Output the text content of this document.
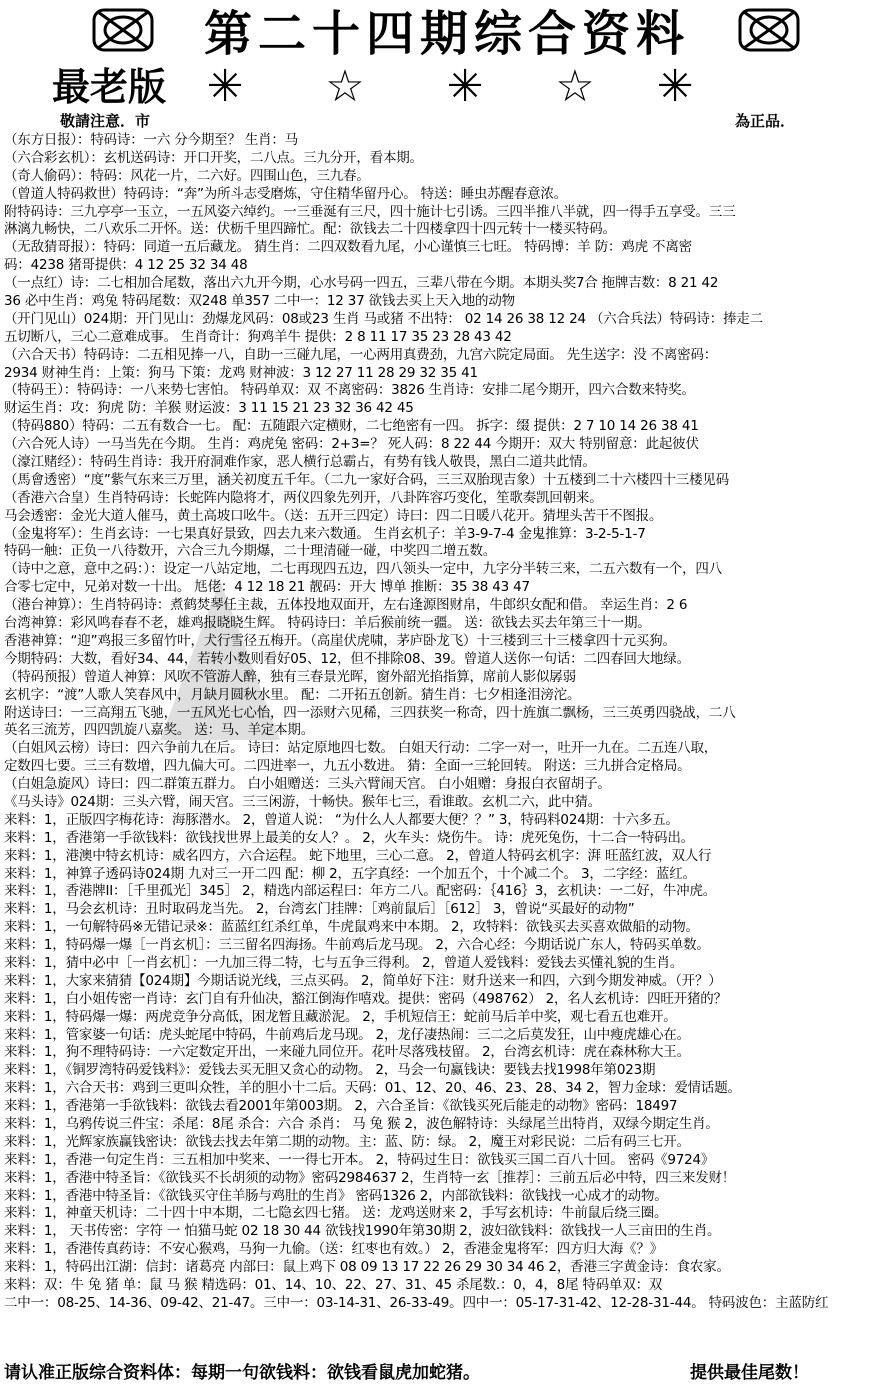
第二十四期综合资料
最老版 ✳ ☆ ✳ ☆ ✳
敬請注意．市	為正品．
（东方日报）：特码诗：一六 分今期至？ 生肖：马
（六合彩玄机）：玄机送码诗：开口开奖，二八点。三九分开，看本期。
（奇人偷码）：特码：风花一片，二六好。四围山色，三九春。
（曾道人特码救世）特码诗：“奔”为所斗志受磨炼，守住精华留丹心。 特送：睡虫苏醒春意浓。
附特码诗：三九亭亭一玉立，一五风姿六绰约。一三垂涎有三尺，四十施计七引诱。三四半推八半就，四一得手五享受。三三
淋漓九畅快，二八欢乐二开怀。送：伏枥千里四蹄忙。配：欲钱去二十四楼拿四十四元转十一楼买特码。
（无敌猜哥报）：特码：同道一五后藏龙。 猜生肖：二四双数看九尾，小心谨慎三七旺。 特码博：羊 防：鸡虎 不离密
码：4238 猪哥提供：4 12 25 32 34 48
（一点红）诗：二七相加合尾数，落出六九开今期，心水号码一四五，三辈八带在今期。本期头奖7合 拖牌吉数：8 21 42
36 必中生肖：鸡兔 特码尾数：双248 单357 二中一：12 37 欲钱去买上天入地的动物
（开门见山）024期：开门见山：劲爆龙风码：08或23 生肖 马或猪 不出特： 02 14 26 38 12 24 （六合兵法）特码诗：捧走二
五切断八，三心二意难成事。 生肖奇计：狗鸡羊牛 提供：2 8 11 17 35 23 28 43 42
（六合天书）特码诗：二五相见捧一八，自助一三碰九尾，一心两用真费劲，九宫六院定局面。 先生送字：没 不离密码：
2934 财神生肖：上策：狗马 下策：龙鸡 财神波：3 12 27 11 28 29 32 35 41
（特码王）：特码诗：一八来势七害怕。 特码单双：双 不离密码：3826 生肖诗：安排二尾今期开，四六合数来特奖。
财运生肖：攻：狗虎 防：羊猴 财运波：3 11 15 21 23 32 36 42 45
（特码880）特码：二五有数合一七。 配：五随跟六定横财，二七绝密有一四。 拆字：缀 提供：2 7 10 14 26 38 41
（六合死人诗）一马当先在今期。 生肖：鸡虎兔 密码：2+3=？ 死人码：8 22 44 今期开：双大 特别留意：此起彼伏
（濠江赌经）：特码生肖诗：我开府洞难作家，恶人横行总霸占，有势有钱人敬畏，黑白二道共此情。
（馬會透密）“度”紫气东来三万里，涵关初度五千年。（二九一家好合码，三三双胎现吉象）十五楼到二十六楼四十三楼见码
（香港六合皇）生肖特码诗：长蛇阵内隐将才，两仪四象先列开，八卦阵容巧变化，笙歌奏凯回朝来。
马会透密：金光大道人催马，黄土高坡口吆牛。（送：五开三四定）诗曰：四二日暖八花开。猜埋头苦干不图报。
（金鬼将军）：生肖玄诗：一七果真好景致，四去九来六数通。 生肖玄机子：羊3-9-7-4 金鬼推算：3-2-5-1-7
特码一触：正负一八待数开，六合三九今期爆，二十理清碰一碰，中奖四二增五数。
（诗中之意，意中之码：）：设定一八站定地，二七再现四五边，四八领头一定中，九字分半转三来，二五六数有一个，四八
合零七定中，兄弟对数一十出。 尪佬：4 12 18 21 靓码：开大 博单 推断：35 38 43 47
（港台神算）：生肖特码诗：煮鹤焚琴任主裁，五体投地双面开，左右逢源图财帛，牛郎织女配和借。 幸运生肖：2 6
台湾神算：彩风鸣春春不老，雄鸡报晓晓生辉。 特码诗曰：羊后猴前统一疆。 送：欲钱去买去年第三十一期。
香港神算：“迎”鸡报三多留竹叶，犬行雪径五梅开。（高崖伏虎啸，茅庐卧龙飞）十三楼到三十三楼拿四十元买狗。
今期特码：大数，看好34、44，若转小数则看好05、12，但不排除08、39。曾道人送你一句话：二四春回大地绿。
（特码预报）曾道人神算：风吹不管游人醉，独有三春景光晖，窗外韶光掐指算，席前人影似孱弱
玄机字：“渡”人歌人笑春风中，月缺月圆秋水里。 配：二开拓五创新。猜生肖：七夕相逢泪滂沱。
附送诗曰：一三高翔五飞驰，一五风光七心怡，四一添财六见稀，三四获奖一称奇，四十旌旗二飘杨，三三英勇四骁战，二八
英名三流芳，四四凯旋八嘉奖。 送：马、羊定本期。
（白姐风云榜）诗曰：四六争前九在后。 诗曰：站定原地四七数。 白姐天行动：二字一对一，吐开一九在。二五连八取，
定数四七要。三三有数增，四九偏大可。二四进率一，九五小数进。 猜：全面一三轮回转。 附送：三九拼合定格局。
（白姐急旋风）诗曰：四二群策五群力。 白小姐赠送：三头六臂闹天宫。 白小姐赠：身报白衣留胡子。
《马头诗》024期：三头六臂，闹天宫。三三闲游，十畅快。猴年七三，看谁敢。玄机二六，此中猜。
来料：1，正版四字梅花诗：海豚潜水。 2，曾道人说： “为什么人人都要大便？？” 3，特码料024期：十六多五。
来料：1，香港第一手欲钱料：欲钱找世界上最美的女人？。 2，火车头：烧伤牛。 诗：虎死兔伤，十二合一特码出。
来料：1，港澳中特玄机诗：威名四方，六合运程。 蛇下地里，三心二意。 2，曾道人特码玄机字：湃 旺蓝红波，双人行
来料：1，神算子透码诗024期 九对三一开二四 配：柳 2，五字真经：一个加五个，十个减二个。 3，二字经：蓝红。
来料：1，香港牌II：［千里孤光］345］ 2，精选内部运程曰：年方二八。配密码：｛416｝3，玄机诀：一二好，牛冲虎。
来料：1，马会玄机诗：丑时取码龙当先。 2，台湾玄门挂牌：［鸡前鼠后］［612］ 3，曾说“买最好的动物”
来料：1，一句解特码※无错记录※：蓝蓝红红杀红单，牛虎鼠鸡来中本期。 2，攻特料：欲钱买去买喜欢做船的动物。
来料：1，特码爆一爆［一肖玄机］：三三留名四海扬。牛前鸡后龙马现。 2，六合心经：今期话说广东人，特码买单数。
来料：1，猜中必中［一肖玄机］：一九加三得二特，七与五争三得利。 2，曾道人爱钱料：爱钱去买懂礼貌的生肖。
来料：1，大家来猜猜【024期】今期话说光线，三点买码。 2，简单好下注：财升送来一和四，六到今期发神威。（开？）
来料：1，白小姐传密一肖诗：玄门自有升仙决，豁江倒海作嘻戏。提供：密码（498762） 2，名人玄机诗：四旺开猪的？
来料：1，特码爆一爆：两虎竞争分高低，困龙暂且藏淤泥。 2，手机短信王：蛇前马后羊中奖，观七看五也难开。
来料：1，管家婆一句话：虎头蛇尾中特码，牛前鸡后龙马现。 2，龙仔凄热闹：三二之后莫发狂，山中瘦虎雄心在。
来料：1，狗不理特码诗：一六定数定开出，一来碰九同位开。花叶尽落残枝留。 2，台湾玄机诗：虎在森林称大王。
来料：1，《铜罗湾特码爱钱料》：爱钱去买无胆又贪心的动物。 2，马会一句赢钱诀：要钱去找1998年第023期
来料：1，六合天书：鸡到三更叫众牲，羊的胆小十二后。天码：01、12、20、46、23、28、34 2，智力金球：爱情话题。
来料：1，香港第一手欲钱料：欲钱去看2001年第003期。 2，六合圣旨：《欲钱买死后能走的动物》密码：18497
来料：1，乌鸦传说三件宝：杀尾：8尾 杀合：六合 杀肖： 马 兔 猴 2，波色解特诗：头绿尾兰出特肖，双绿今期定生肖。
来料：1，光辉家族赢钱密诀：欲钱去找去年第二期的动物。主：蓝、防：绿。 2，魔王对彩民说：二后有码三七开。
来料：1，香港一句定生肖：三五相加中奖来、一一得七开本。 2，特码过生日：欲钱买三国二百八十回。 密码《9724》
来料：1，香港中特圣旨：《欲钱买不长胡须的动物》密码2984637 2，生肖特一玄［推荐］：三前五后必中特，四三来发财！
来料：1，香港中特圣旨：《欲钱买守住羊肠与鸡肚的生肖》 密码1326 2，内部欲钱料：欲钱找一心成才的动物。
来料：1，神童天机诗：二十四十中本期，二七隐玄四七猪。 送：龙鸡送财来 2，手写玄机诗：牛前鼠后绕三圈。
来料：1， 天书传密：字符 一 怕猫马蛇 02 18 30 44 欲钱找1990年第30期 2，波妇欲钱料：欲钱找一人三亩田的生肖。
来料：1，香港传真药诗：不安心猴鸡，马狗一九偷。（送：红枣也有效。） 2，香港金鬼将军：四方归大海《？》
来料：1，特码出江湖：信封：诸葛亮 内部曰：鼠上鸡下 08 09 13 17 22 26 29 30 34 46 2，香港三字黄金诗：食农家。
来料：双：牛 兔 猪 单：鼠 马 猴 精选码：01、14、10、22、27、31、45 杀尾数.：0，4，8尾 特码单双：双
二中一：08-25、14-36、09-42、21-47。三中一：03-14-31、26-33-49。四中一：05-17-31-42、12-28-31-44。 特码波色：主蓝防红
请认准正版综合资料体：每期一句欲钱料：欲钱看鼠虎加蛇猪。	提供最佳尾数！
